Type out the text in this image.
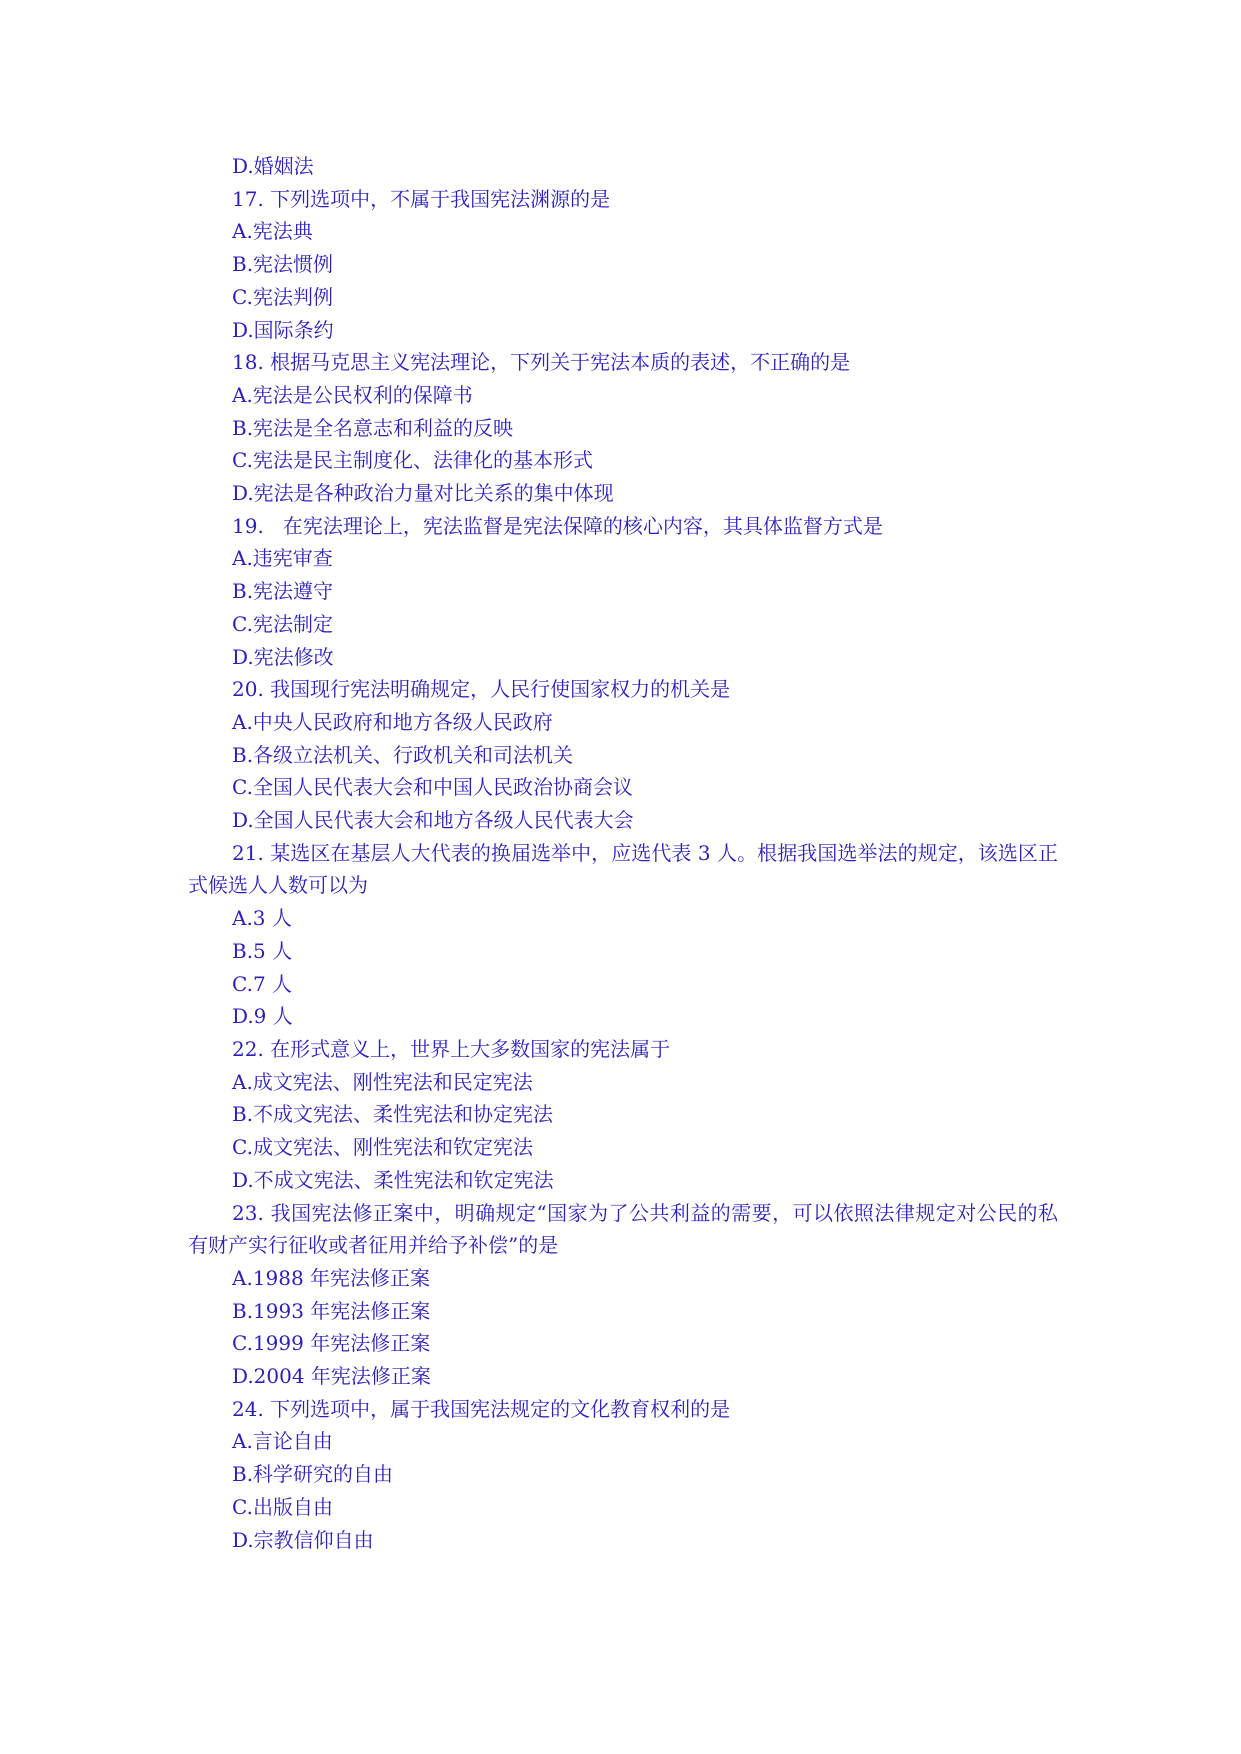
D.婚姻法

17. 下列选项中，不属于我国宪法渊源的是

A.宪法典

B.宪法惯例

C.宪法判例

D.国际条约

18. 根据马克思主义宪法理论，下列关于宪法本质的表述，不正确的是

A.宪法是公民权利的保障书

B.宪法是全名意志和利益的反映

C.宪法是民主制度化、法律化的基本形式

D.宪法是各种政治力量对比关系的集中体现

19.   在宪法理论上，宪法监督是宪法保障的核心内容，其具体监督方式是

A.违宪审查

B.宪法遵守

C.宪法制定

D.宪法修改

20. 我国现行宪法明确规定，人民行使国家权力的机关是

A.中央人民政府和地方各级人民政府

B.各级立法机关、行政机关和司法机关

C.全国人民代表大会和中国人民政治协商会议

D.全国人民代表大会和地方各级人民代表大会

21. 某选区在基层人大代表的换届选举中，应选代表 3 人。根据我国选举法的规定，该选区正式候选人人数可以为

A.3 人

B.5 人

C.7 人

D.9 人

22. 在形式意义上，世界上大多数国家的宪法属于

A.成文宪法、刚性宪法和民定宪法

B.不成文宪法、柔性宪法和协定宪法

C.成文宪法、刚性宪法和钦定宪法

D.不成文宪法、柔性宪法和钦定宪法

23. 我国宪法修正案中，明确规定“国家为了公共利益的需要，可以依照法律规定对公民的私有财产实行征收或者征用并给予补偿”的是

A.1988 年宪法修正案

B.1993 年宪法修正案

C.1999 年宪法修正案

D.2004 年宪法修正案

24. 下列选项中，属于我国宪法规定的文化教育权利的是

A.言论自由

B.科学研究的自由

C.出版自由

D.宗教信仰自由
